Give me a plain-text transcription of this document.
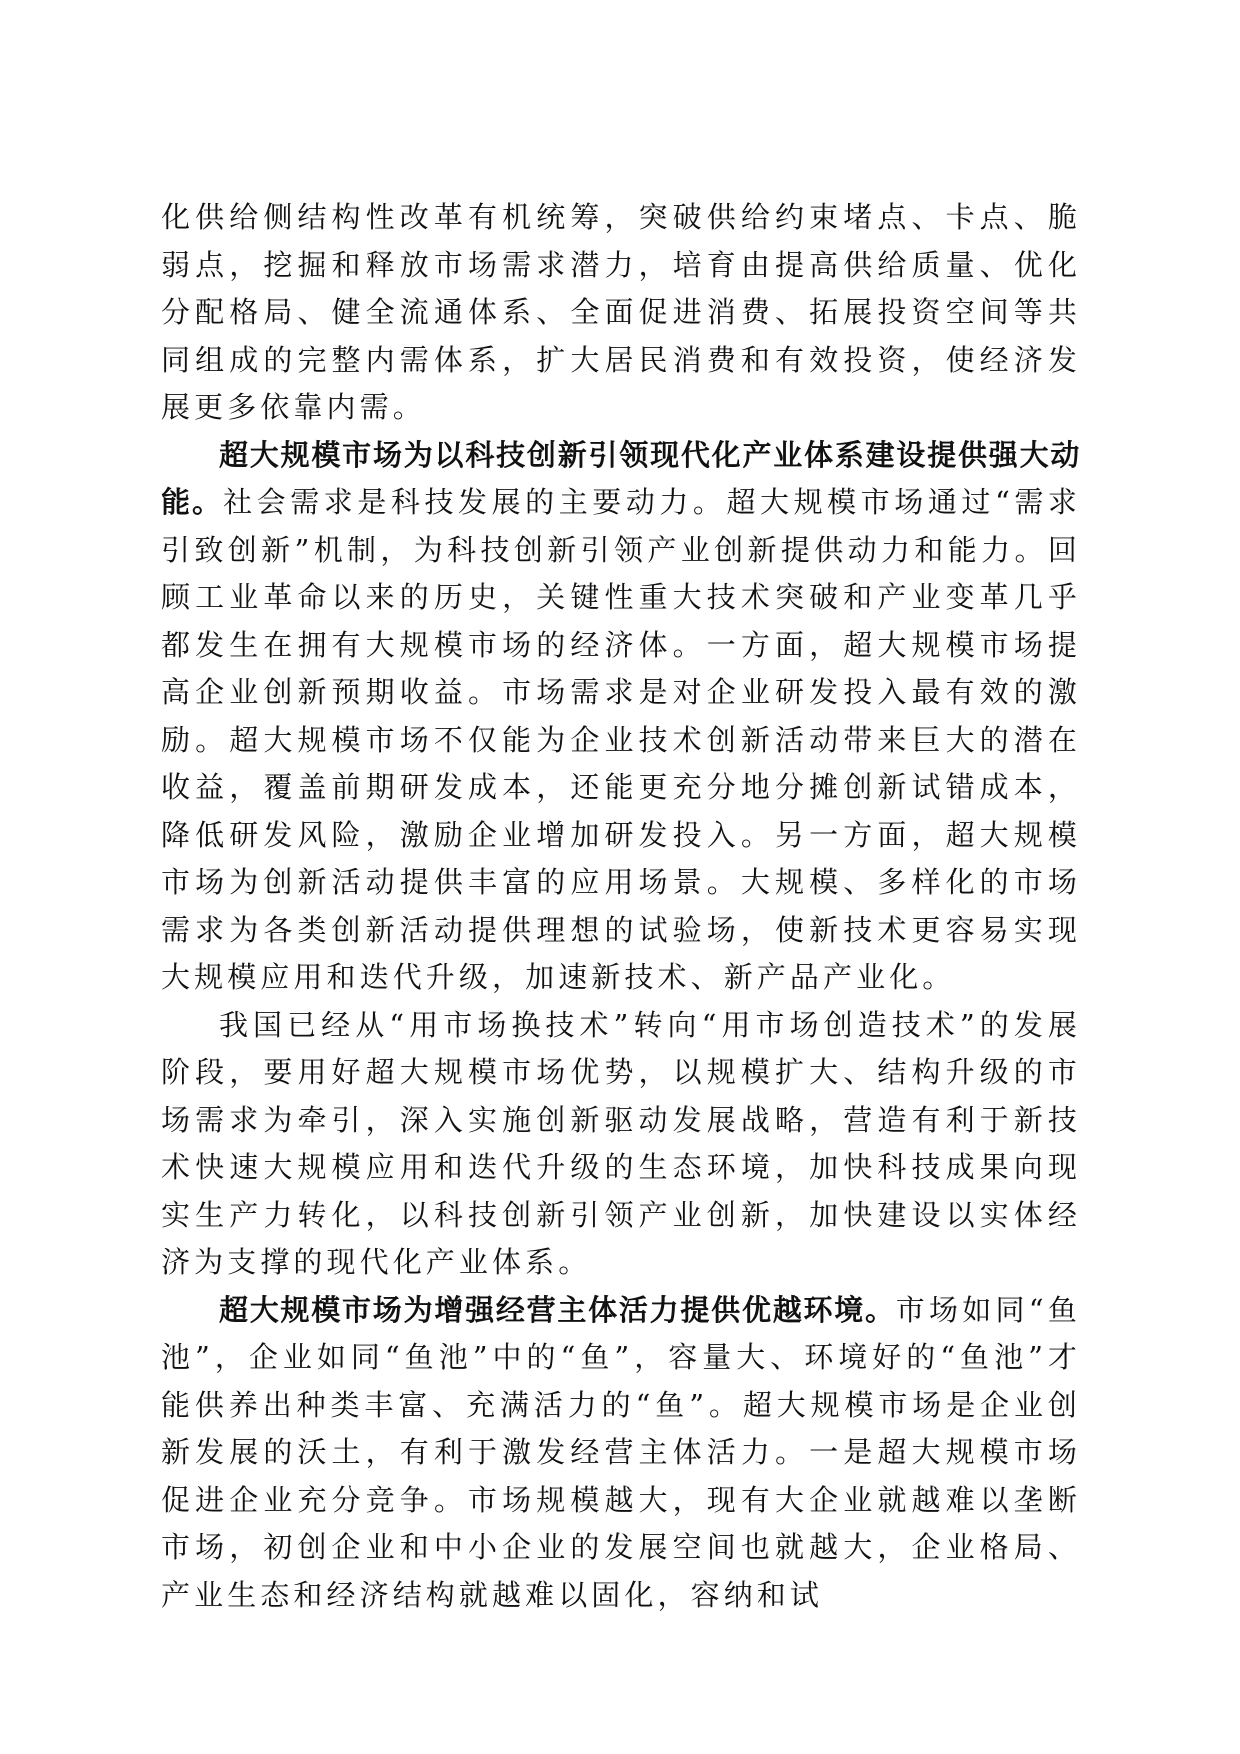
化供给侧结构性改革有机统筹，突破供给约束堵点、卡点、脆弱点，挖掘和释放市场需求潜力，培育由提高供给质量、优化分配格局、健全流通体系、全面促进消费、拓展投资空间等共同组成的完整内需体系，扩大居民消费和有效投资，使经济发展更多依靠内需。

超大规模市场为以科技创新引领现代化产业体系建设提供强大动能。社会需求是科技发展的主要动力。超大规模市场通过“需求引致创新”机制，为科技创新引领产业创新提供动力和能力。回顾工业革命以来的历史，关键性重大技术突破和产业变革几乎都发生在拥有大规模市场的经济体。一方面，超大规模市场提高企业创新预期收益。市场需求是对企业研发投入最有效的激励。超大规模市场不仅能为企业技术创新活动带来巨大的潜在收益，覆盖前期研发成本，还能更充分地分摊创新试错成本，降低研发风险，激励企业增加研发投入。另一方面，超大规模市场为创新活动提供丰富的应用场景。大规模、多样化的市场需求为各类创新活动提供理想的试验场，使新技术更容易实现大规模应用和迭代升级，加速新技术、新产品产业化。

我国已经从“用市场换技术”转向“用市场创造技术”的发展阶段，要用好超大规模市场优势，以规模扩大、结构升级的市场需求为牵引，深入实施创新驱动发展战略，营造有利于新技术快速大规模应用和迭代升级的生态环境，加快科技成果向现实生产力转化，以科技创新引领产业创新，加快建设以实体经济为支撑的现代化产业体系。

超大规模市场为增强经营主体活力提供优越环境。市场如同“鱼池”，企业如同“鱼池”中的“鱼”，容量大、环境好的“鱼池”才能供养出种类丰富、充满活力的“鱼”。超大规模市场是企业创新发展的沃土，有利于激发经营主体活力。一是超大规模市场促进企业充分竞争。市场规模越大，现有大企业就越难以垄断市场，初创企业和中小企业的发展空间也就越大，企业格局、产业生态和经济结构就越难以固化，容纳和试
